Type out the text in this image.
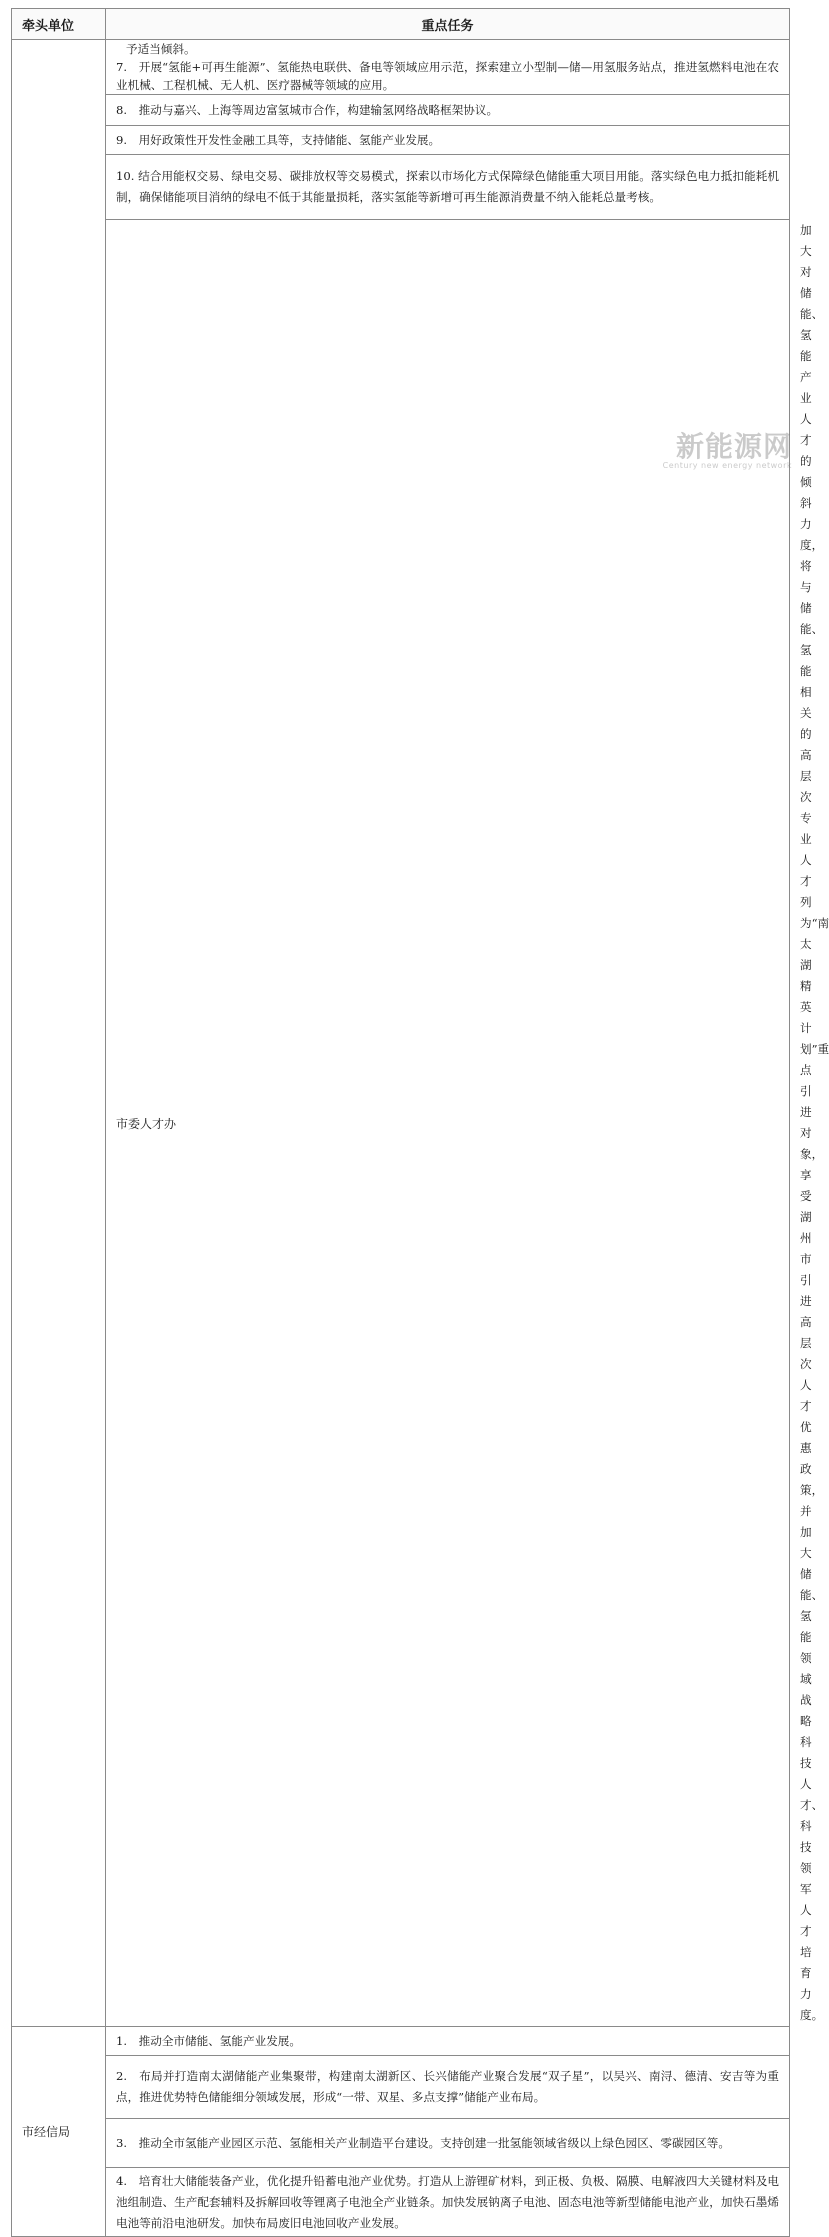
牵头单位	重点任务	

	予适当倾斜。
7.　开展“氢能+可再生能源”、氢能热电联供、备电等领域应用示范，探索建立小型制—储—用氢服务站点，推进氢燃料电池在农业机械、工程机械、无人机、医疗器械等领域的应用。	
	8.　推动与嘉兴、上海等周边富氢城市合作，构建输氢网络战略框架协议。	
	9.　用好政策性开发性金融工具等，支持储能、氢能产业发展。	
	10. 结合用能权交易、绿电交易、碳排放权等交易模式，探索以市场化方式保障绿色储能重大项目用能。落实绿色电力抵扣能耗机制，确保储能项目消纳的绿电不低于其能量损耗，落实氢能等新增可再生能源消费量不纳入能耗总量考核。	
	市委人才办	加大对储能、氢能产业人才的倾斜力度，将与储能、氢能相关的高层次专业人才列为“南太湖精英计划”重点引进对象，享受湖州市引进高层次人才优惠政策，并加大储能、氢能领域战略科技人才、科技领军人才培育力度。
市经信局	1.　推动全市储能、氢能产业发展。	
	2.　布局并打造南太湖储能产业集聚带，构建南太湖新区、长兴储能产业聚合发展“双子星”，以吴兴、南浔、德清、安吉等为重点，推进优势特色储能细分领域发展，形成“一带、双星、多点支撑”储能产业布局。	
	3.　推动全市氢能产业园区示范、氢能相关产业制造平台建设。支持创建一批氢能领域省级以上绿色园区、零碳园区等。	
	4.　培育壮大储能装备产业，优化提升铅蓄电池产业优势。打造从上游锂矿材料，到正极、负极、隔膜、电解液四大关键材料及电池组制造、生产配套辅料及拆解回收等锂离子电池全产业链条。加快发展钠离子电池、固态电池等新型储能电池产业，加快石墨烯电池等前沿电池研发。加快布局废旧电池回收产业发展。	
新能源网
Century new energy network
